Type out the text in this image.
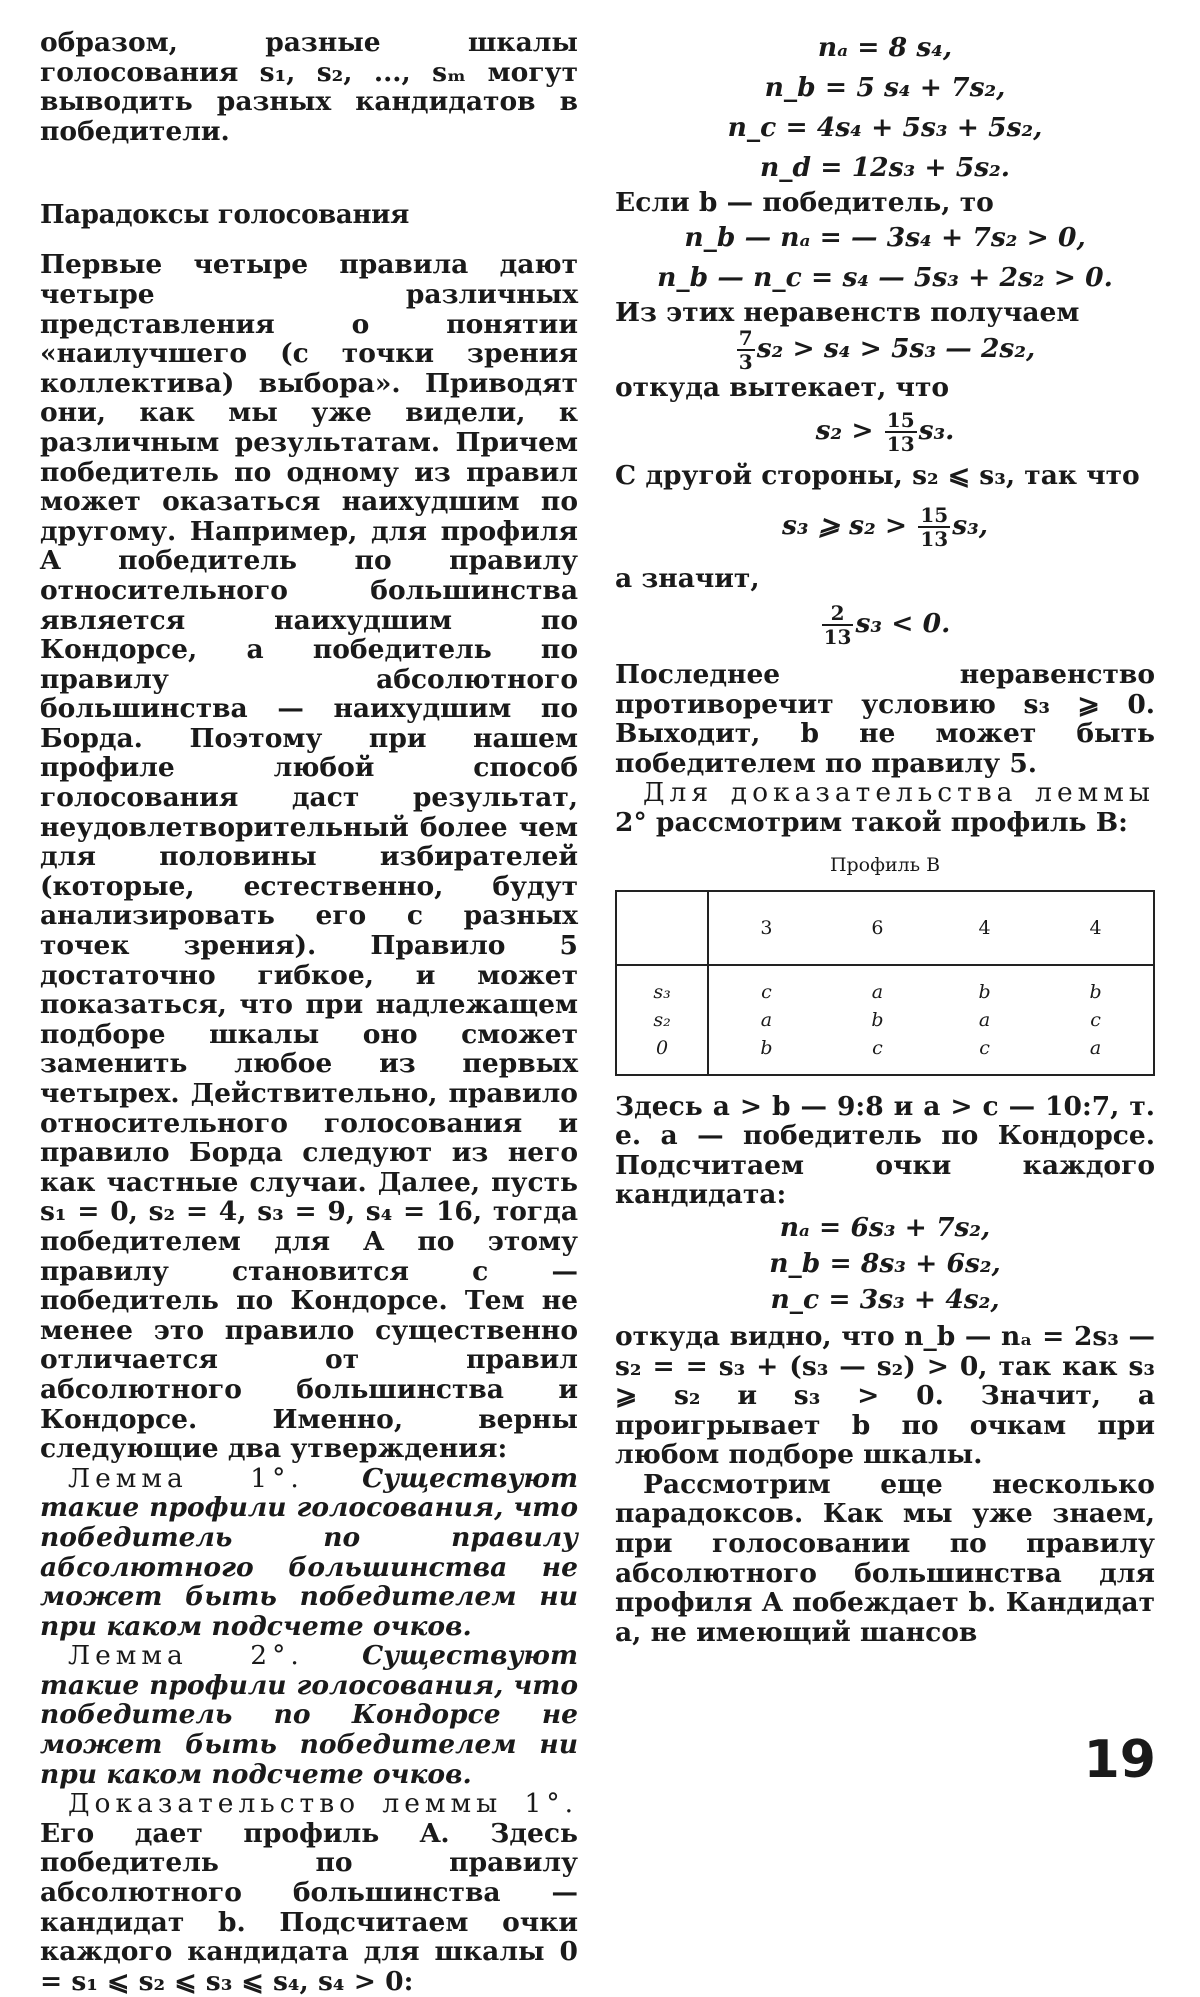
образом, разные шкалы голосования s₁, s₂, ..., sₘ могут выводить разных кандидатов в победители.

Парадоксы голосования

Первые четыре правила дают четыре различных представления о понятии «наилучшего (с точки зрения коллектива) выбора». Приводят они, как мы уже видели, к различным результатам. Причем победитель по одному из правил может оказаться наихудшим по другому. Например, для профиля A победитель по правилу относительного большинства является наихудшим по Кондорсе, а победитель по правилу абсолютного большинства — наихудшим по Борда. Поэтому при нашем профиле любой способ голосования даст результат, неудовлетворительный более чем для половины избирателей (которые, естественно, будут анализировать его с разных точек зрения). Правило 5 достаточно гибкое, и может показаться, что при надлежащем подборе шкалы оно сможет заменить любое из первых четырех. Действительно, правило относительного голосования и правило Борда следуют из него как частные случаи. Далее, пусть s₁ = 0, s₂ = 4, s₃ = 9, s₄ = 16, тогда победителем для A по этому правилу становится c — победитель по Кондорсе. Тем не менее это правило существенно отличается от правил абсолютного большинства и Кондорсе. Именно, верны следующие два утверждения:

Лемма 1°. Существуют такие профили голосования, что победитель по правилу абсолютного большинства не может быть победителем ни при каком подсчете очков.

Лемма 2°. Существуют такие профили голосования, что победитель по Кондорсе не может быть победителем ни при каком подсчете очков.

Доказательство леммы 1°. Его дает профиль A. Здесь победитель по правилу абсолютного большинства — кандидат b. Подсчитаем очки каждого кандидата для шкалы 0 = s₁ ⩽ s₂ ⩽ s₃ ⩽ s₄, s₄ > 0:

nₐ = 8 s₄,
n_b = 5 s₄ + 7s₂,
n_c = 4s₄ + 5s₃ + 5s₂,
n_d = 12s₃ + 5s₂.

Если b — победитель, то

n_b — nₐ = — 3s₄ + 7s₂ > 0,
n_b — n_c = s₄ — 5s₃ + 2s₂ > 0.

Из этих неравенств получаем

$\frac{7}{3} s_2 > s_4 > 5s_3$ — 2s₂,

откуда вытекает, что

$s_2 > \frac{15}{13} s_3$.

С другой стороны, s₂ ⩽ s₃, так что

s₃ ⩾ $s_2 > \frac{15}{13} s_3$,

а значит,

$\frac{2}{13} s_3 < 0$.

Последнее неравенство противоречит условию s₃ ⩾ 0. Выходит, b не может быть победителем по правилу 5.

Для доказательства леммы 2° рассмотрим такой профиль B:

Профиль B
	3	6	4	4
s₃	c	a	b	b
s₂	a	b	a	c
0	b	c	c	a

Здесь a > b — 9:8 и a > c — 10:7, т. е. a — победитель по Кондорсе. Подсчитаем очки каждого кандидата:

nₐ = 6s₃ + 7s₂,
n_b = 8s₃ + 6s₂,
n_c = 3s₃ + 4s₂,

откуда видно, что n_b — nₐ = 2s₃ — s₂ = = s₃ + (s₃ — s₂) > 0, так как s₃ ⩾ s₂ и s₃ > 0. Значит, a проигрывает b по очкам при любом подборе шкалы.

Рассмотрим еще несколько парадоксов. Как мы уже знаем, при голосовании по правилу абсолютного большинства для профиля A побеждает b. Кандидат a, не имеющий шансов

19
